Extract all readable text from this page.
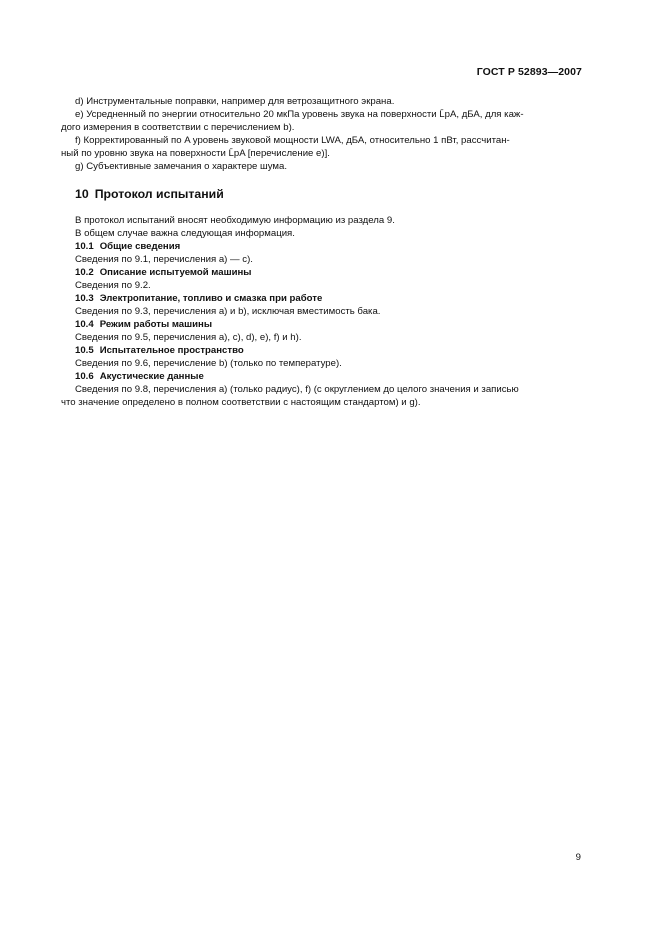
ГОСТ Р 52893—2007
d) Инструментальные поправки, например для ветрозащитного экрана.
e) Усредненный по энергии относительно 20 мкПа уровень звука на поверхности L̄pA, дБА, для каж-
дого измерения в соответствии с перечислением b).
f) Корректированный по A уровень звуковой мощности LWA, дБА, относительно 1 пВт, рассчитан-
ный по уровню звука на поверхности L̄pA [перечисление e)].
g) Субъективные замечания о характере шума.
10 Протокол испытаний
В протокол испытаний вносят необходимую информацию из раздела 9.
В общем случае важна следующая информация.
10.1 Общие сведения
Сведения по 9.1, перечисления a) — c).
10.2 Описание испытуемой машины
Сведения по 9.2.
10.3 Электропитание, топливо и смазка при работе
Сведения по 9.3, перечисления a) и b), исключая вместимость бака.
10.4 Режим работы машины
Сведения по 9.5, перечисления a), c), d), e), f) и h).
10.5 Испытательное пространство
Сведения по 9.6, перечисление b) (только по температуре).
10.6 Акустические данные
Сведения по 9.8, перечисления a) (только радиус), f) (с округлением до целого значения и записью
что значение определено в полном соответствии с настоящим стандартом) и g).
9
